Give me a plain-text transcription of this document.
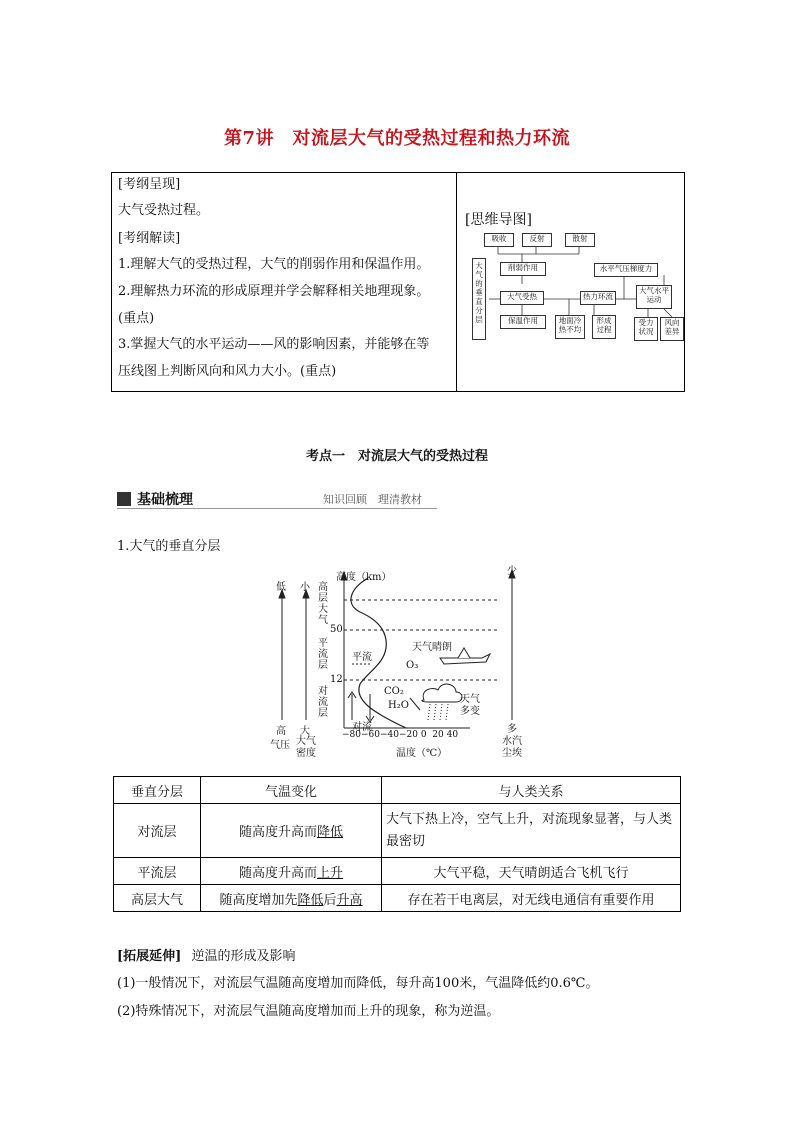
第7讲　对流层大气的受热过程和热力环流
[考纲呈现]
大气受热过程。
[考纲解读]
1.理解大气的受热过程，大气的削弱作用和保温作用。
2.理解热力环流的形成原理并学会解释相关地理现象。
(重点)
3.掌握大气的水平运动——风的影响因素，并能够在等
压线图上判断风向和风力大小。(重点)
[思维导图]
吸收	反射	散射
大气的垂直分层
削弱作用
大气受热
保温作用	地面冷热不均
热力环流
形成过程
水平气压梯度力
大气水平运动
受力状况
风向差异
考点一　对流层大气的受热过程
基础梳理	知识回顾　理清教材
1.大气的垂直分层
低 小
高
气压
大
大气密度
高度（km）
高层大气
平流层
对流层
50
12
平流
对流
天气晴朗
O₃
CO₂
H₂O
天气多变
−80−60−40−20 0  20 40
温度（℃）
少
多
水汽尘埃
垂直分层	气温变化	与人类关系
对流层	随高度升高而降低	大气下热上冷，空气上升，对流现象显著，与人类最密切
平流层	随高度升高而上升	大气平稳，天气晴朗适合飞机飞行
高层大气	随高度增加先降低后升高	存在若干电离层，对无线电通信有重要作用
[拓展延伸] 逆温的形成及影响
(1)一般情况下，对流层气温随高度增加而降低，每升高100米，气温降低约0.6℃。
(2)特殊情况下，对流层气温随高度增加而上升的现象，称为逆温。
